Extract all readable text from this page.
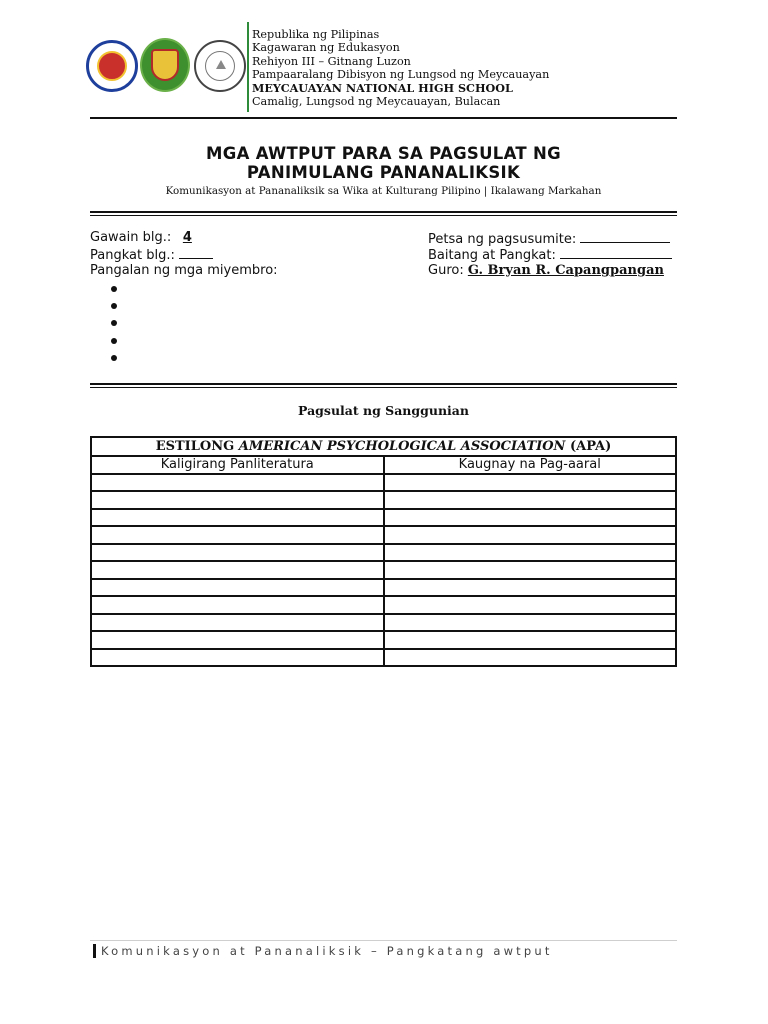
Republika ng Pilipinas
Kagawaran ng Edukasyon
Rehiyon III – Gitnang Luzon
Pampaaralang Dibisyon ng Lungsod ng Meycauayan
MEYCAUAYAN NATIONAL HIGH SCHOOL
Camalig, Lungsod ng Meycauayan, Bulacan
MGA AWTPUT PARA SA PAGSULAT NG
PANIMULANG PANANALIKSIK
Komunikasyon at Pananaliksik sa Wika at Kulturang Pilipino | Ikalawang Markahan
Gawain blg.: 4
Pangkat blg.:
Pangalan ng mga miyembro:
Petsa ng pagsusumite:
Baitang at Pangkat:
Guro: G. Bryan R. Capangpangan
Pagsulat ng Sanggunian
ESTILONG AMERICAN PSYCHOLOGICAL ASSOCIATION (APA)	
Kaligirang Panliteratura	Kaugnay na Pag-aaral

Komunikasyon at Pananaliksik – Pangkatang awtput
